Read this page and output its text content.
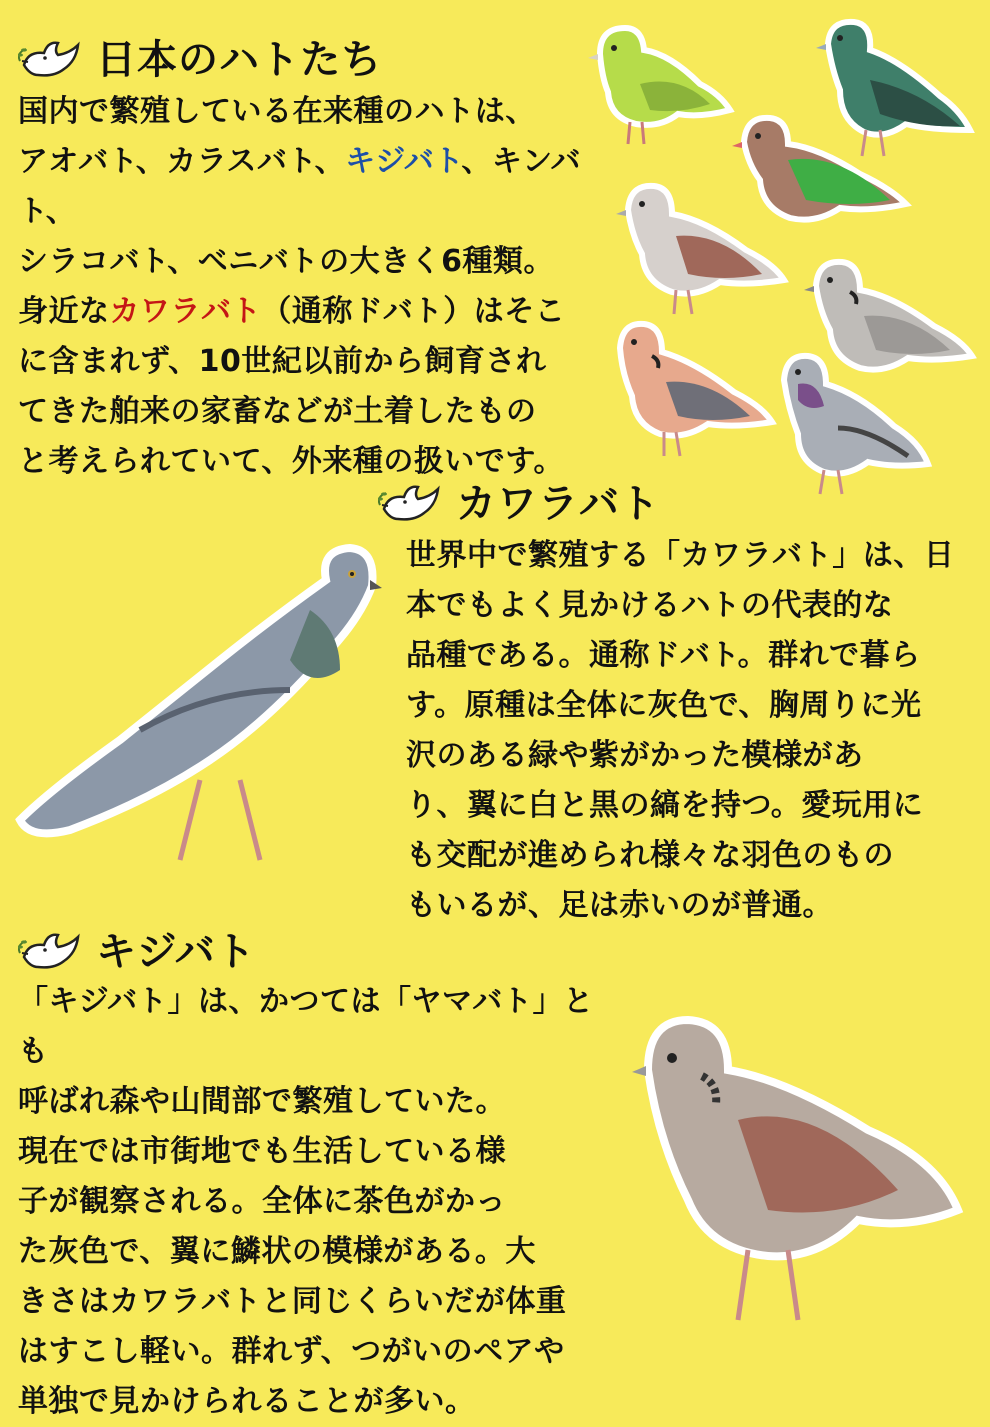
日本のハトたち

国内で繁殖している在来種のハトは、
アオバト、カラスバト、キジバト、キンバト、
シラコバト、ベニバトの大きく6種類。
身近なカワラバト（通称ドバト）はそこ
に含まれず、10世紀以前から飼育され
てきた舶来の家畜などが土着したもの
と考えられていて、外来種の扱いです。

カワラバト

世界中で繁殖する「カワラバト」は、日
本でもよく見かけるハトの代表的な
品種である。通称ドバト。群れで暮ら
す。原種は全体に灰色で、胸周りに光
沢のある緑や紫がかった模様があ
り、翼に白と黒の縞を持つ。愛玩用に
も交配が進められ様々な羽色のもの
もいるが、足は赤いのが普通。

キジバト

「キジバト」は、かつては「ヤマバト」とも
呼ばれ森や山間部で繁殖していた。
現在では市街地でも生活している様
子が観察される。全体に茶色がかっ
た灰色で、翼に鱗状の模様がある。大
きさはカワラバトと同じくらいだが体重
はすこし軽い。群れず、つがいのペアや
単独で見かけられることが多い。
